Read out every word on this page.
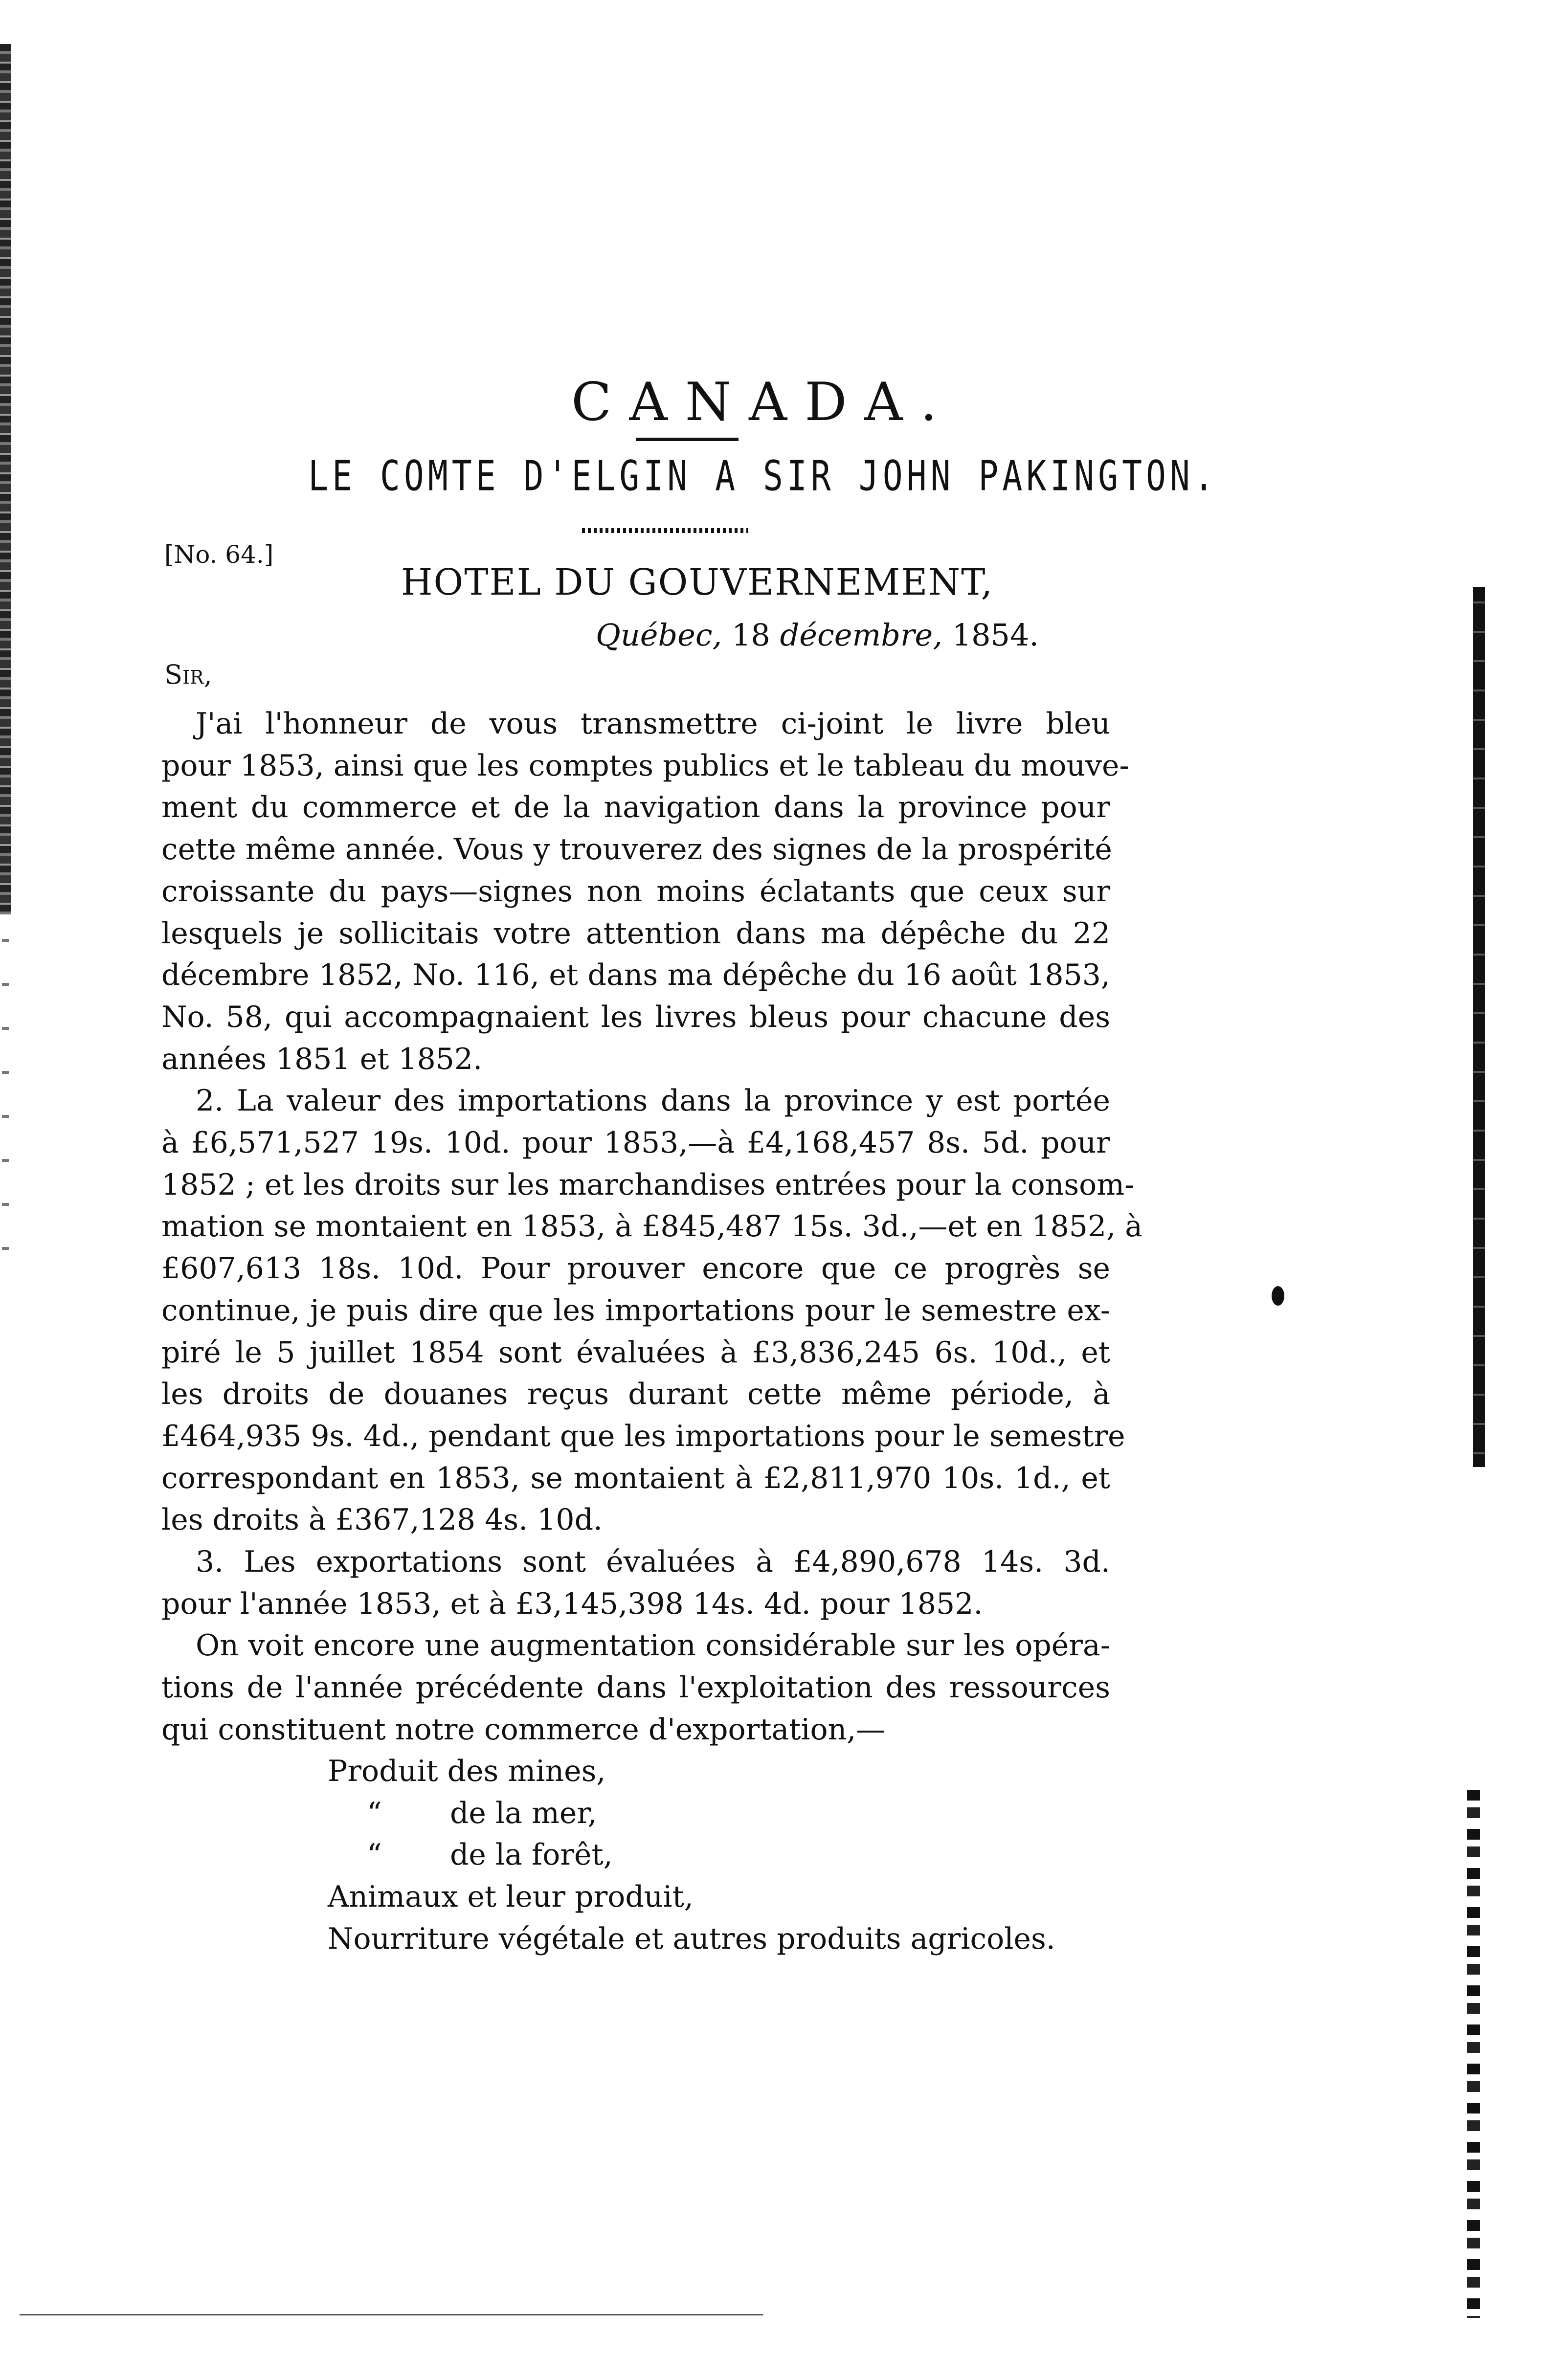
CANADA.
LE COMTE D'ELGIN A SIR JOHN PAKINGTON.
[No. 64.]
HOTEL DU GOUVERNEMENT,
Québec, 18 décembre, 1854.
Sir,
J'ai l'honneur de vous transmettre ci-joint le livre bleu
pour 1853, ainsi que les comptes publics et le tableau du mouve-
ment du commerce et de la navigation dans la province pour
cette même année. Vous y trouverez des signes de la prospérité
croissante du pays—signes non moins éclatants que ceux sur
lesquels je sollicitais votre attention dans ma dépêche du 22
décembre 1852, No. 116, et dans ma dépêche du 16 août 1853,
No. 58, qui accompagnaient les livres bleus pour chacune des
années 1851 et 1852.
2. La valeur des importations dans la province y est portée
à £6,571,527 19s. 10d. pour 1853,—à £4,168,457 8s. 5d. pour
1852 ; et les droits sur les marchandises entrées pour la consom-
mation se montaient en 1853, à £845,487 15s. 3d.,—et en 1852, à
£607,613 18s. 10d. Pour prouver encore que ce progrès se
continue, je puis dire que les importations pour le semestre ex-
piré le 5 juillet 1854 sont évaluées à £3,836,245 6s. 10d., et
les droits de douanes reçus durant cette même période, à
£464,935 9s. 4d., pendant que les importations pour le semestre
correspondant en 1853, se montaient à £2,811,970 10s. 1d., et
les droits à £367,128 4s. 10d.
3. Les exportations sont évaluées à £4,890,678 14s. 3d.
pour l'année 1853, et à £3,145,398 14s. 4d. pour 1852.
On voit encore une augmentation considérable sur les opéra-
tions de l'année précédente dans l'exploitation des ressources
qui constituent notre commerce d'exportation,—
Produit des mines,
“ de la mer,
“ de la forêt,
Animaux et leur produit,
Nourriture végétale et autres produits agricoles.
